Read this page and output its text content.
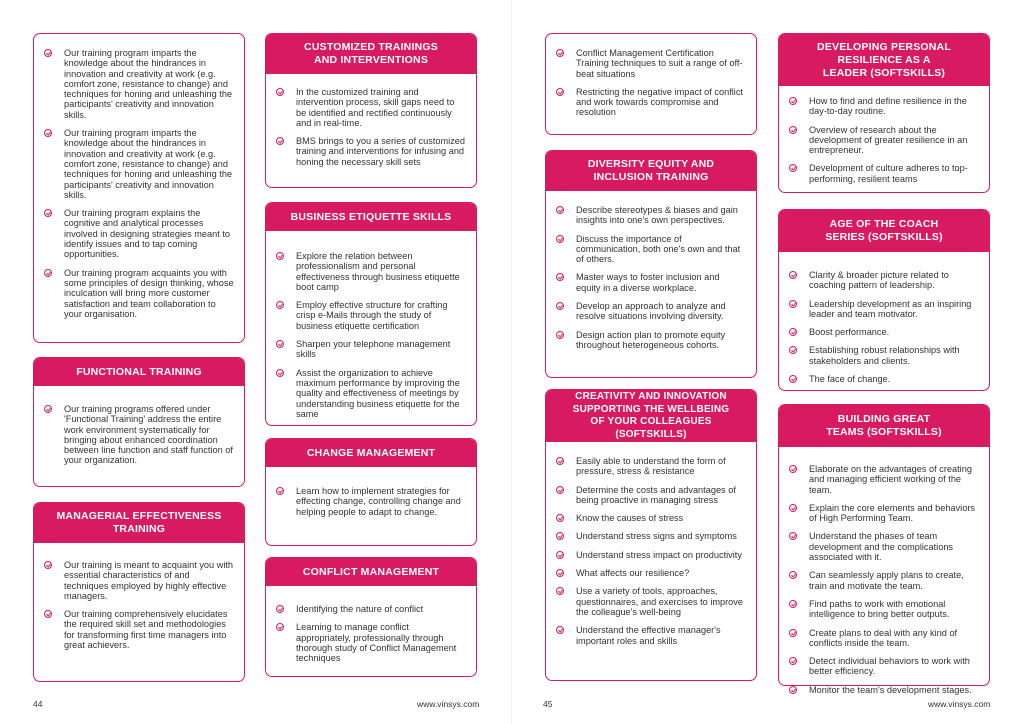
Our training program imparts the knowledge about the hindrances in innovation and creativity at work (e.g. comfort zone, resistance to change) and techniques for honing and unleashing the participants' creativity and innovation skills.
Our training program imparts the knowledge about the hindrances in innovation and creativity at work (e.g. comfort zone, resistance to change) and techniques for honing and unleashing the participants' creativity and innovation skills.
Our training program explains the cognitive and analytical processes involved in designing strategies meant to identify issues and to tap coming opportunities.
Our training program acquaints you with some principles of design thinking, whose inculcation will bring more customer satisfaction and team collaboration to your organisation.
FUNCTIONAL TRAINING
Our training programs offered under 'Functional Training' address the entire work environment systematically for bringing about enhanced coordination between line function and staff function of your organization.
MANAGERIAL EFFECTIVENESS
TRAINING
Our training is meant to acquaint you with essential characteristics of and techniques employed by highly effective managers.
Our training comprehensively elucidates the required skill set and methodologies for transforming first time managers into great achievers.
CUSTOMIZED TRAININGS
AND INTERVENTIONS
In the customized training and intervention process, skill gaps need to be identified and rectified continuously and in real-time.
BMS brings to you a series of customized training and interventions for infusing and honing the necessary skill sets
BUSINESS ETIQUETTE SKILLS
Explore the relation between professionalism and personal effectiveness through business etiquette boot camp
Employ effective structure for crafting crisp e-Mails through the study of business etiquette certification
Sharpen your telephone management skills
Assist the organization to achieve maximum performance by improving the quality and effectiveness of meetings by understanding business etiquette for the same
CHANGE MANAGEMENT
Learn how to implement strategies for effecting change, controlling change and helping people to adapt to change.
CONFLICT MANAGEMENT
Identifying the nature of conflict
Learning to manage conflict appropriately, professionally through thorough study of Conflict Management techniques
44	www.vinsys.com
Conflict Management Certification Training techniques to suit a range of off-beat situations
Restricting the negative impact of conflict and work towards compromise and resolution
DIVERSITY EQUITY AND
INCLUSION TRAINING
Describe stereotypes & biases and gain insights into one's own perspectives.
Discuss the importance of communication, both one's own and that of others.
Master ways to foster inclusion and equity in a diverse workplace.
Develop an approach to analyze and resolve situations involving diversity.
Design action plan to promote equity throughout heterogeneous cohorts.
CREATIVITY AND INNOVATION
SUPPORTING THE WELLBEING
OF YOUR COLLEAGUES (SOFTSKILLS)
Easily able to understand the form of pressure, stress & resistance
Determine the costs and advantages of being proactive in managing stress
Know the causes of stress
Understand stress signs and symptoms
Understand stress impact on productivity
What affects our resilience?
Use a variety of tools, approaches, questionnaires, and exercises to improve the colleague's well-being
Understand the effective manager's important roles and skills
DEVELOPING PERSONAL
RESILIENCE AS A
LEADER (SOFTSKILLS)
How to find and define resilience in the day-to-day routine.
Overview of research about the development of greater resilience in an entrepreneur.
Development of culture adheres to top-performing, resilient teams
AGE OF THE COACH
SERIES (SOFTSKILLS)
Clarity & broader picture related to coaching pattern of leadership.
Leadership development as an inspiring leader and team motivator.
Boost performance.
Establishing robust relationships with stakeholders and clients.
The face of change.
BUILDING GREAT
TEAMS (SOFTSKILLS)
Elaborate on the advantages of creating and managing efficient working of the team.
Explain the core elements and behaviors of High Performing Team.
Understand the phases of team development and the complications associated with it.
Can seamlessly apply plans to create, train and motivate the team.
Find paths to work with emotional intelligence to bring better outputs.
Create plans to deal with any kind of conflicts inside the team.
Detect individual behaviors to work with better efficiency.
Monitor the team's development stages.
45	www.vinsys.com
